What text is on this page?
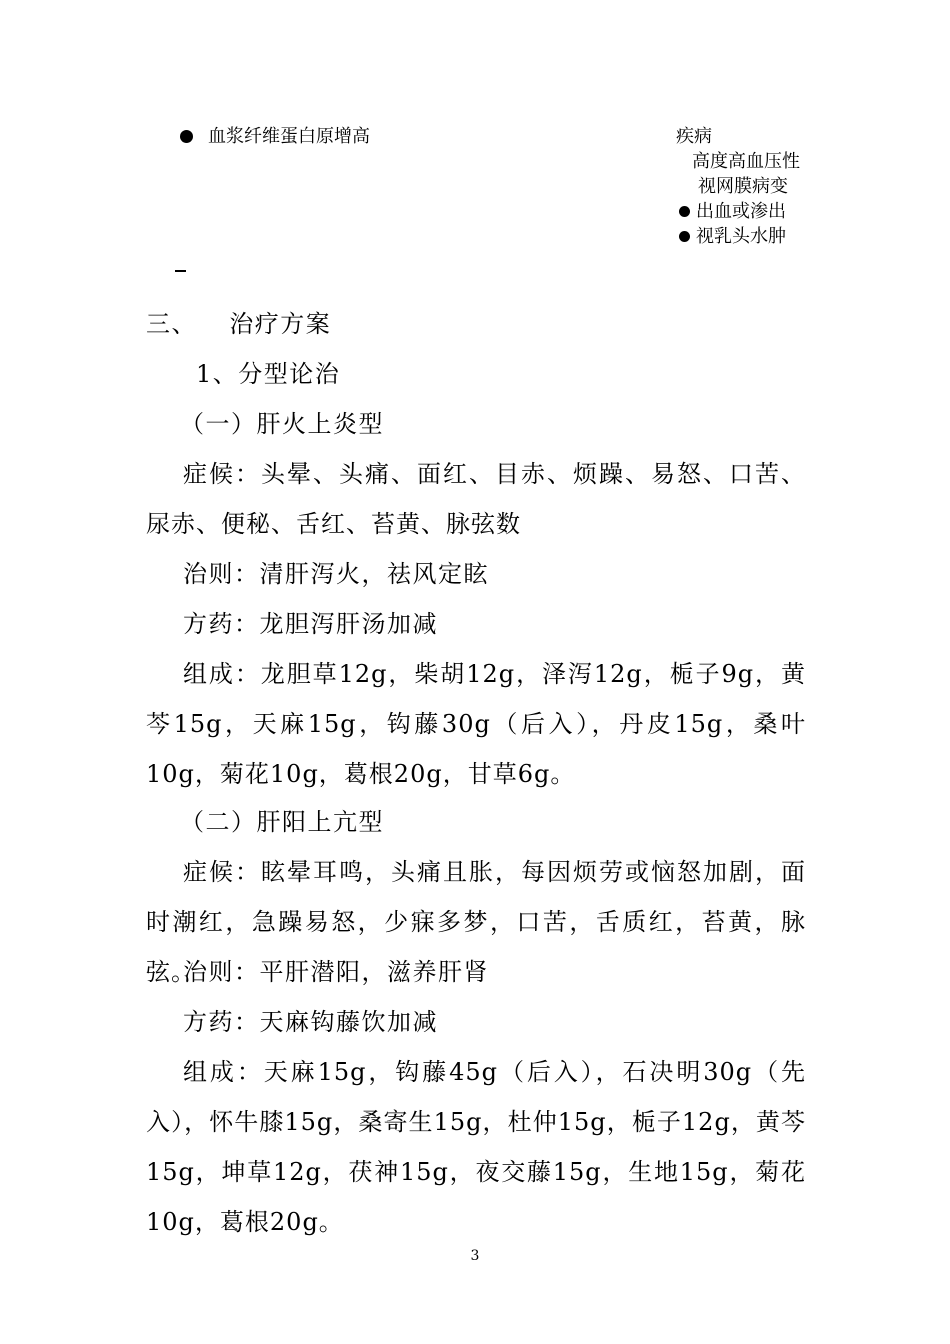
血浆纤维蛋白原增高	疾病
高度高血压性
视网膜病变
出血或渗出
视乳头水肿
三、 治疗方案
1、分型论治
（一）肝火上炎型
症候：头晕、头痛、面红、目赤、烦躁、易怒、口苦、尿赤、便秘、舌红、苔黄、脉弦数
治则：清肝泻火，祛风定眩
方药：龙胆泻肝汤加减
组成：龙胆草12g，柴胡12g，泽泻12g，栀子9g，黄芩15g，天麻15g，钩藤30g（后入），丹皮15g，桑叶10g，菊花10g，葛根20g，甘草6g。
（二）肝阳上亢型
症候：眩晕耳鸣，头痛且胀，每因烦劳或恼怒加剧，面时潮红，急躁易怒，少寐多梦，口苦，舌质红，苔黄，脉弦。
治则：平肝潜阳，滋养肝肾
方药：天麻钩藤饮加减
组成：天麻15g，钩藤45g（后入），石决明30g（先入），怀牛膝15g，桑寄生15g，杜仲15g，栀子12g，黄芩15g，坤草12g，茯神15g，夜交藤15g，生地15g，菊花10g，葛根20g。
3
